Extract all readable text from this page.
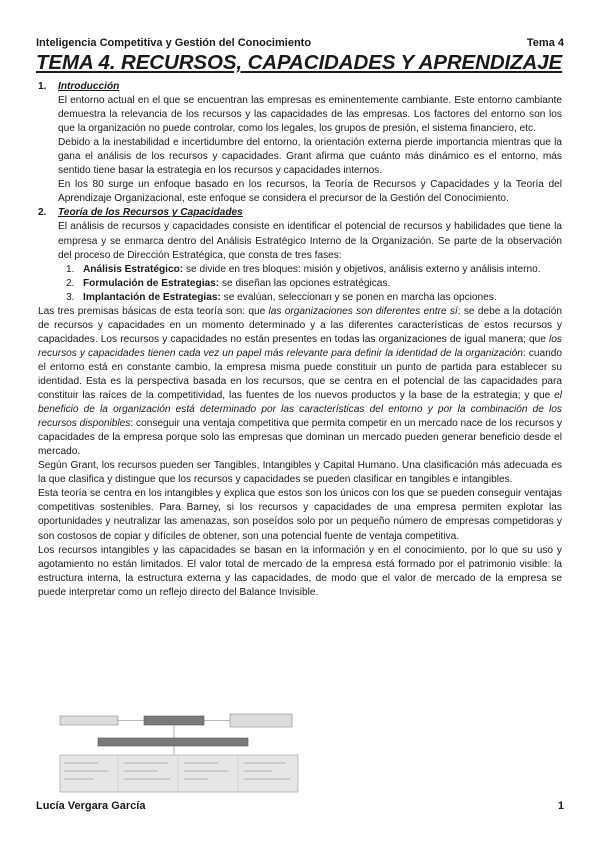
Inteligencia Competitiva y Gestión del Conocimiento	Tema 4
TEMA 4. RECURSOS, CAPACIDADES Y APRENDIZAJE
1. Introducción

El entorno actual en el que se encuentran las empresas es eminentemente cambiante. Este entorno cambiante demuestra la relevancia de los recursos y las capacidades de las empresas. Los factores del entorno son los que la organización no puede controlar, como los legales, los grupos de presión, el sistema financiero, etc.

Debido a la inestabilidad e incertidumbre del entorno, la orientación externa pierde importancia mientras que la gana el análisis de los recursos y capacidades. Grant afirma que cuánto más dinámico es el entorno, más sentido tiene basar la estrategia en los recursos y capacidades internos.

En los 80 surge un enfoque basado en los recursos, la Teoría de Recursos y Capacidades y la Teoría del Aprendizaje Organizacional, este enfoque se considera el precursor de la Gestión del Conocimiento.

2. Teoría de los Recursos y Capacidades

El análisis de recursos y capacidades consiste en identificar el potencial de recursos y habilidades que tiene la empresa y se enmarca dentro del Análisis Estratégico Interno de la Organización. Se parte de la observación del proceso de Dirección Estratégica, que consta de tres fases:

1. Análisis Estratégico: se divide en tres bloques: misión y objetivos, análisis externo y análisis interno.
2. Formulación de Estrategias: se diseñan las opciones estratégicas.
3. Implantación de Estrategias: se evalúan, seleccionan y se ponen en marcha las opciones.

Las tres premisas básicas de esta teoría son: que las organizaciones son diferentes entre sí: se debe a la dotación de recursos y capacidades en un momento determinado y a las diferentes características de estos recursos y capacidades. Los recursos y capacidades no están presentes en todas las organizaciones de igual manera; que los recursos y capacidades tienen cada vez un papel más relevante para definir la identidad de la organización: cuando el entorno está en constante cambio, la empresa misma puede constituir un punto de partida para establecer su identidad. Esta es la perspectiva basada en los recursos, que se centra en el potencial de las capacidades para constituir las raíces de la competitividad, las fuentes de los nuevos productos y la base de la estrategia; y que el beneficio de la organización está determinado por las características del entorno y por la combinación de los recursos disponibles: conseguir una ventaja competitiva que permita competir en un mercado nace de los recursos y capacidades de la empresa porque solo las empresas que dominan un mercado pueden generar beneficio desde el mercado.

Según Grant, los recursos pueden ser Tangibles, Intangibles y Capital Humano. Una clasificación más adecuada es la que clasifica y distingue que los recursos y capacidades se pueden clasificar en tangibles e intangibles.

Esta teoría se centra en los intangibles y explica que estos son los únicos con los que se pueden conseguir ventajas competitivas sostenibles. Para Barney, si los recursos y capacidades de una empresa permiten explotar las oportunidades y neutralizar las amenazas, son poseídos solo por un pequeño número de empresas competidoras y son costosos de copiar y difíciles de obtener, son una potencial fuente de ventaja competitiva.

Los recursos intangibles y las capacidades se basan en la información y en el conocimiento, por lo que su uso y agotamiento no están limitados. El valor total de mercado de la empresa está formado por el patrimonio visible: la estructura interna, la estructura externa y las capacidades, de modo que el valor de mercado de la empresa se puede interpretar como un reflejo directo del Balance Invisible.

Lucía Vergara García	1
